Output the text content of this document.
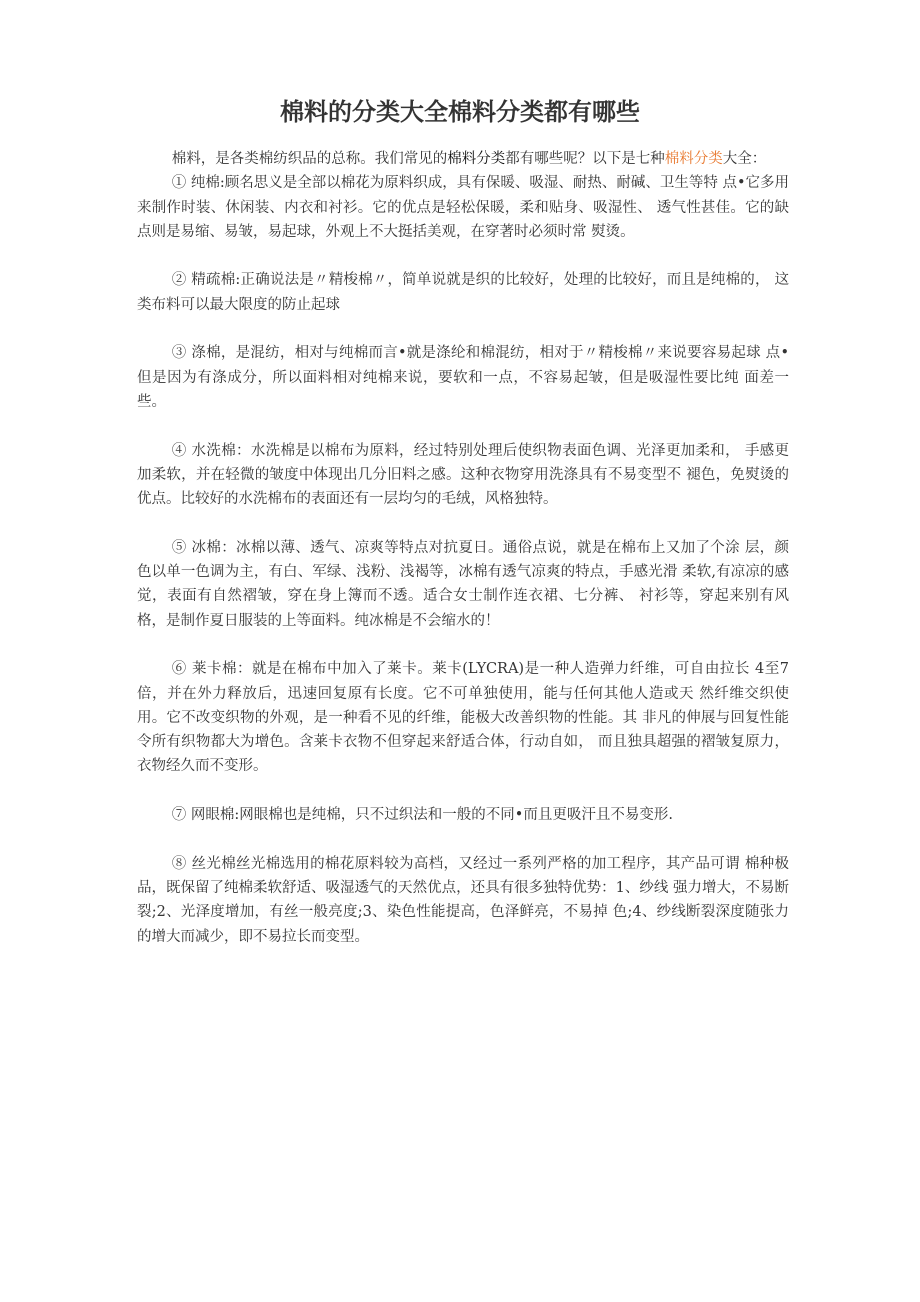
棉料的分类大全棉料分类都有哪些

棉料，是各类棉纺织品的总称。我们常见的棉料分类都有哪些呢？以下是七种棉料分类大全：

① 纯棉:顾名思义是全部以棉花为原料织成，具有保暖、吸湿、耐热、耐碱、卫生等特 点•它多用来制作时装、休闲装、内衣和衬衫。它的优点是轻松保暖，柔和贴身、吸湿性、 透气性甚佳。它的缺点则是易缩、易皱，易起球，外观上不大挺括美观，在穿著时必须时常 熨烫。

② 精疏棉:正确说法是〃精梭棉〃，简单说就是织的比较好，处理的比较好，而且是纯棉的， 这类布料可以最大限度的防止起球

③ 涤棉，是混纺，相对与纯棉而言•就是涤纶和棉混纺，相对于〃精梭棉〃来说要容易起球 点•但是因为有涤成分，所以面料相对纯棉来说，要软和一点，不容易起皱，但是吸湿性要比纯 面差一些。

④ 水洗棉：水洗棉是以棉布为原料，经过特别处理后使织物表面色调、光泽更加柔和， 手感更加柔软，并在轻微的皱度中体现出几分旧料之感。这种衣物穿用洗涤具有不易变型不 褪色，免熨烫的优点。比较好的水洗棉布的表面还有一层均匀的毛绒，风格独特。

⑤ 冰棉：冰棉以薄、透气、凉爽等特点对抗夏日。通俗点说，就是在棉布上又加了个涂 层，颜色以单一色调为主，有白、军绿、浅粉、浅褐等，冰棉有透气凉爽的特点，手感光滑 柔软,有凉凉的感觉，表面有自然褶皱，穿在身上簿而不透。适合女士制作连衣裙、七分裤、 衬衫等，穿起来别有风格，是制作夏日服装的上等面料。纯冰棉是不会缩水的！

⑥ 莱卡棉：就是在棉布中加入了莱卡。莱卡(LYCRA)是一种人造弹力纤维，可自由拉长 4至7倍，并在外力释放后，迅速回复原有长度。它不可单独使用，能与任何其他人造或天 然纤维交织使用。它不改变织物的外观，是一种看不见的纤维，能极大改善织物的性能。其 非凡的伸展与回复性能令所有织物都大为增色。含莱卡衣物不但穿起来舒适合体，行动自如， 而且独具超强的褶皱复原力，衣物经久而不变形。

⑦ 网眼棉:网眼棉也是纯棉，只不过织法和一般的不同•而且更吸汗且不易变形.

⑧ 丝光棉丝光棉选用的棉花原料较为高档，又经过一系列严格的加工程序，其产品可谓 棉种极品，既保留了纯棉柔软舒适、吸湿透气的天然优点，还具有很多独特优势：1、纱线 强力增大，不易断裂;2、光泽度增加，有丝一般亮度;3、染色性能提高，色泽鲜亮，不易掉 色;4、纱线断裂深度随张力的增大而减少，即不易拉长而变型。
